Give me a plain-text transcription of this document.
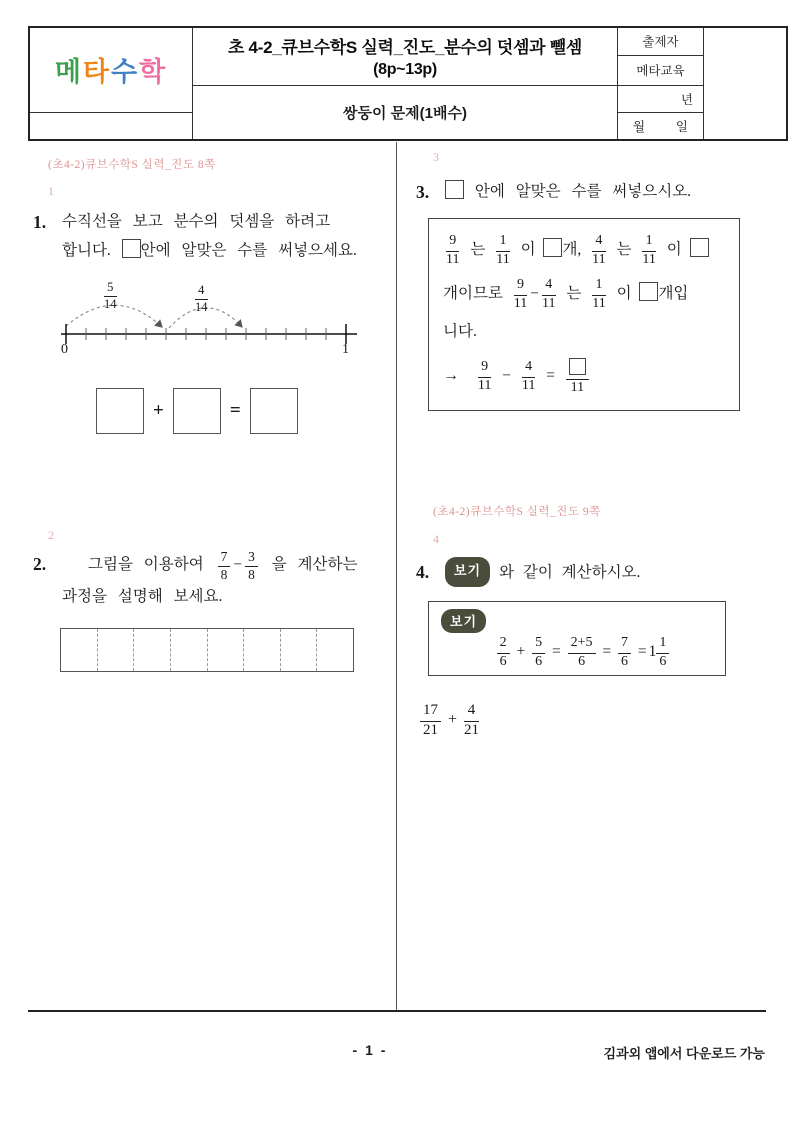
메타수학	초 4-2_큐브수학S 실력_진도_분수의 덧셈과 뺄셈
(8p~13p)	출제자	
		메타교육	
	쌍둥이 문제(1배수)	년	

		월 일	
(초4-2)큐브수학S 실력_진도 8쪽
1
1. 수직선을 보고 분수의 덧셈을 하려고
합니다. 안에 알맞은 수를 써넣으세요.
$\frac{5}{14}$	$\frac{4}{14}$
0	1
+	=
2
2.	그림을 이용하여 $\frac{7}{8} - \frac{3}{8}$ 을 계산하는
과정을 설명해 보세요.
3
3.	안에 알맞은 수를 써넣으시오.
$\frac{9}{11}$ 는 $\frac{1}{11}$ 이 개, $\frac{4}{11}$ 는 $\frac{1}{11}$ 이
개이므로 $\frac{9}{11} - \frac{4}{11}$ 는 $\frac{1}{11}$ 이 개입
니다.
→ $\frac{9}{11} - \frac{4}{11}$ =
11
(초4-2)큐브수학S 실력_진도 9쪽
4
4.	보기 와 같이 계산하시오.
보기
$\frac{2}{6} + \frac{5}{6} = \frac{2+5}{6} = \frac{7}{6} = 1 \frac{1}{6}$
$\frac{17}{21} + \frac{4}{21}$
- 1 -	김과외 앱에서 다운로드 가능
